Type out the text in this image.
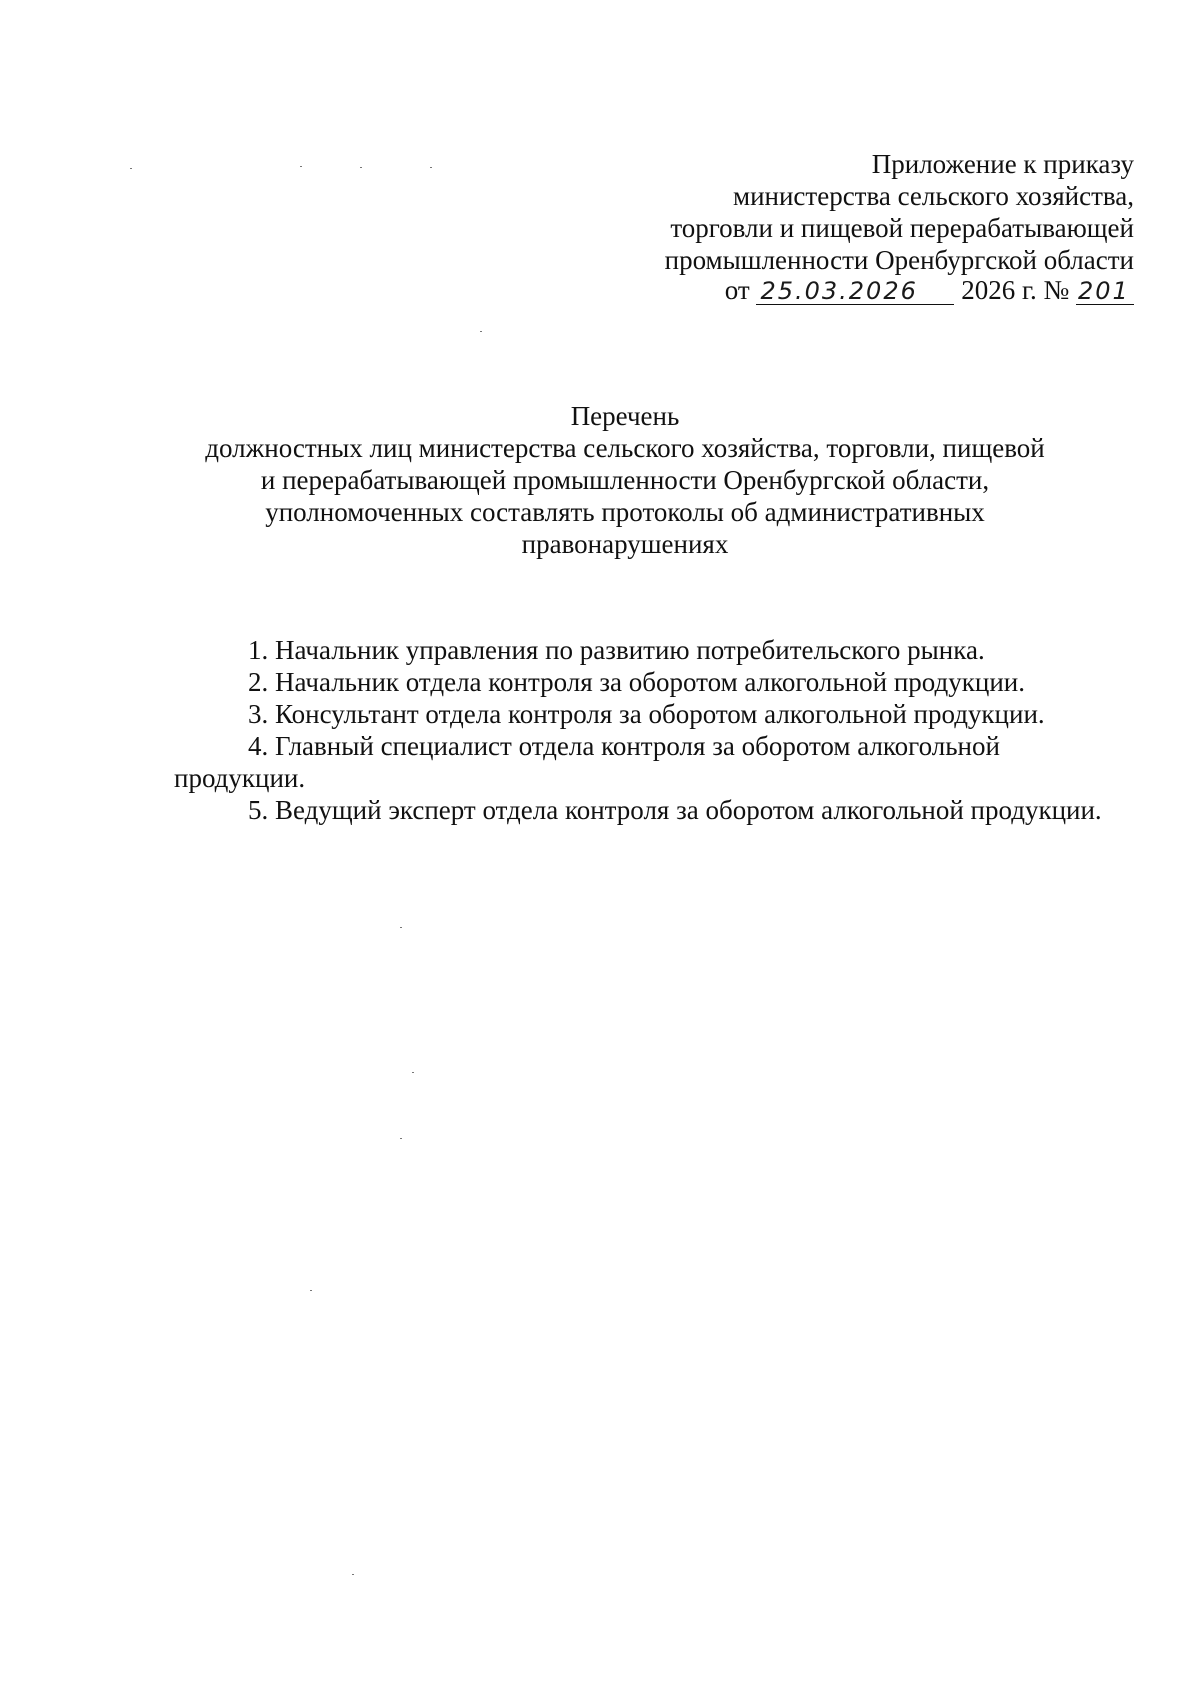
Приложение к приказу
министерства сельского хозяйства,
торговли и пищевой перерабатывающей
промышленности Оренбургской области
от 25.03.2026 2026 г. № 201
Перечень
должностных лиц министерства сельского хозяйства, торговли, пищевой
и перерабатывающей промышленности Оренбургской области,
уполномоченных составлять протоколы об административных
правонарушениях

1. Начальник управления по развитию потребительского рынка.

2. Начальник отдела контроля за оборотом алкогольной продукции.

3. Консультант отдела контроля за оборотом алкогольной продукции.

4. Главный специалист отдела контроля за оборотом алкогольной продукции.

5. Ведущий эксперт отдела контроля за оборотом алкогольной продукции.
